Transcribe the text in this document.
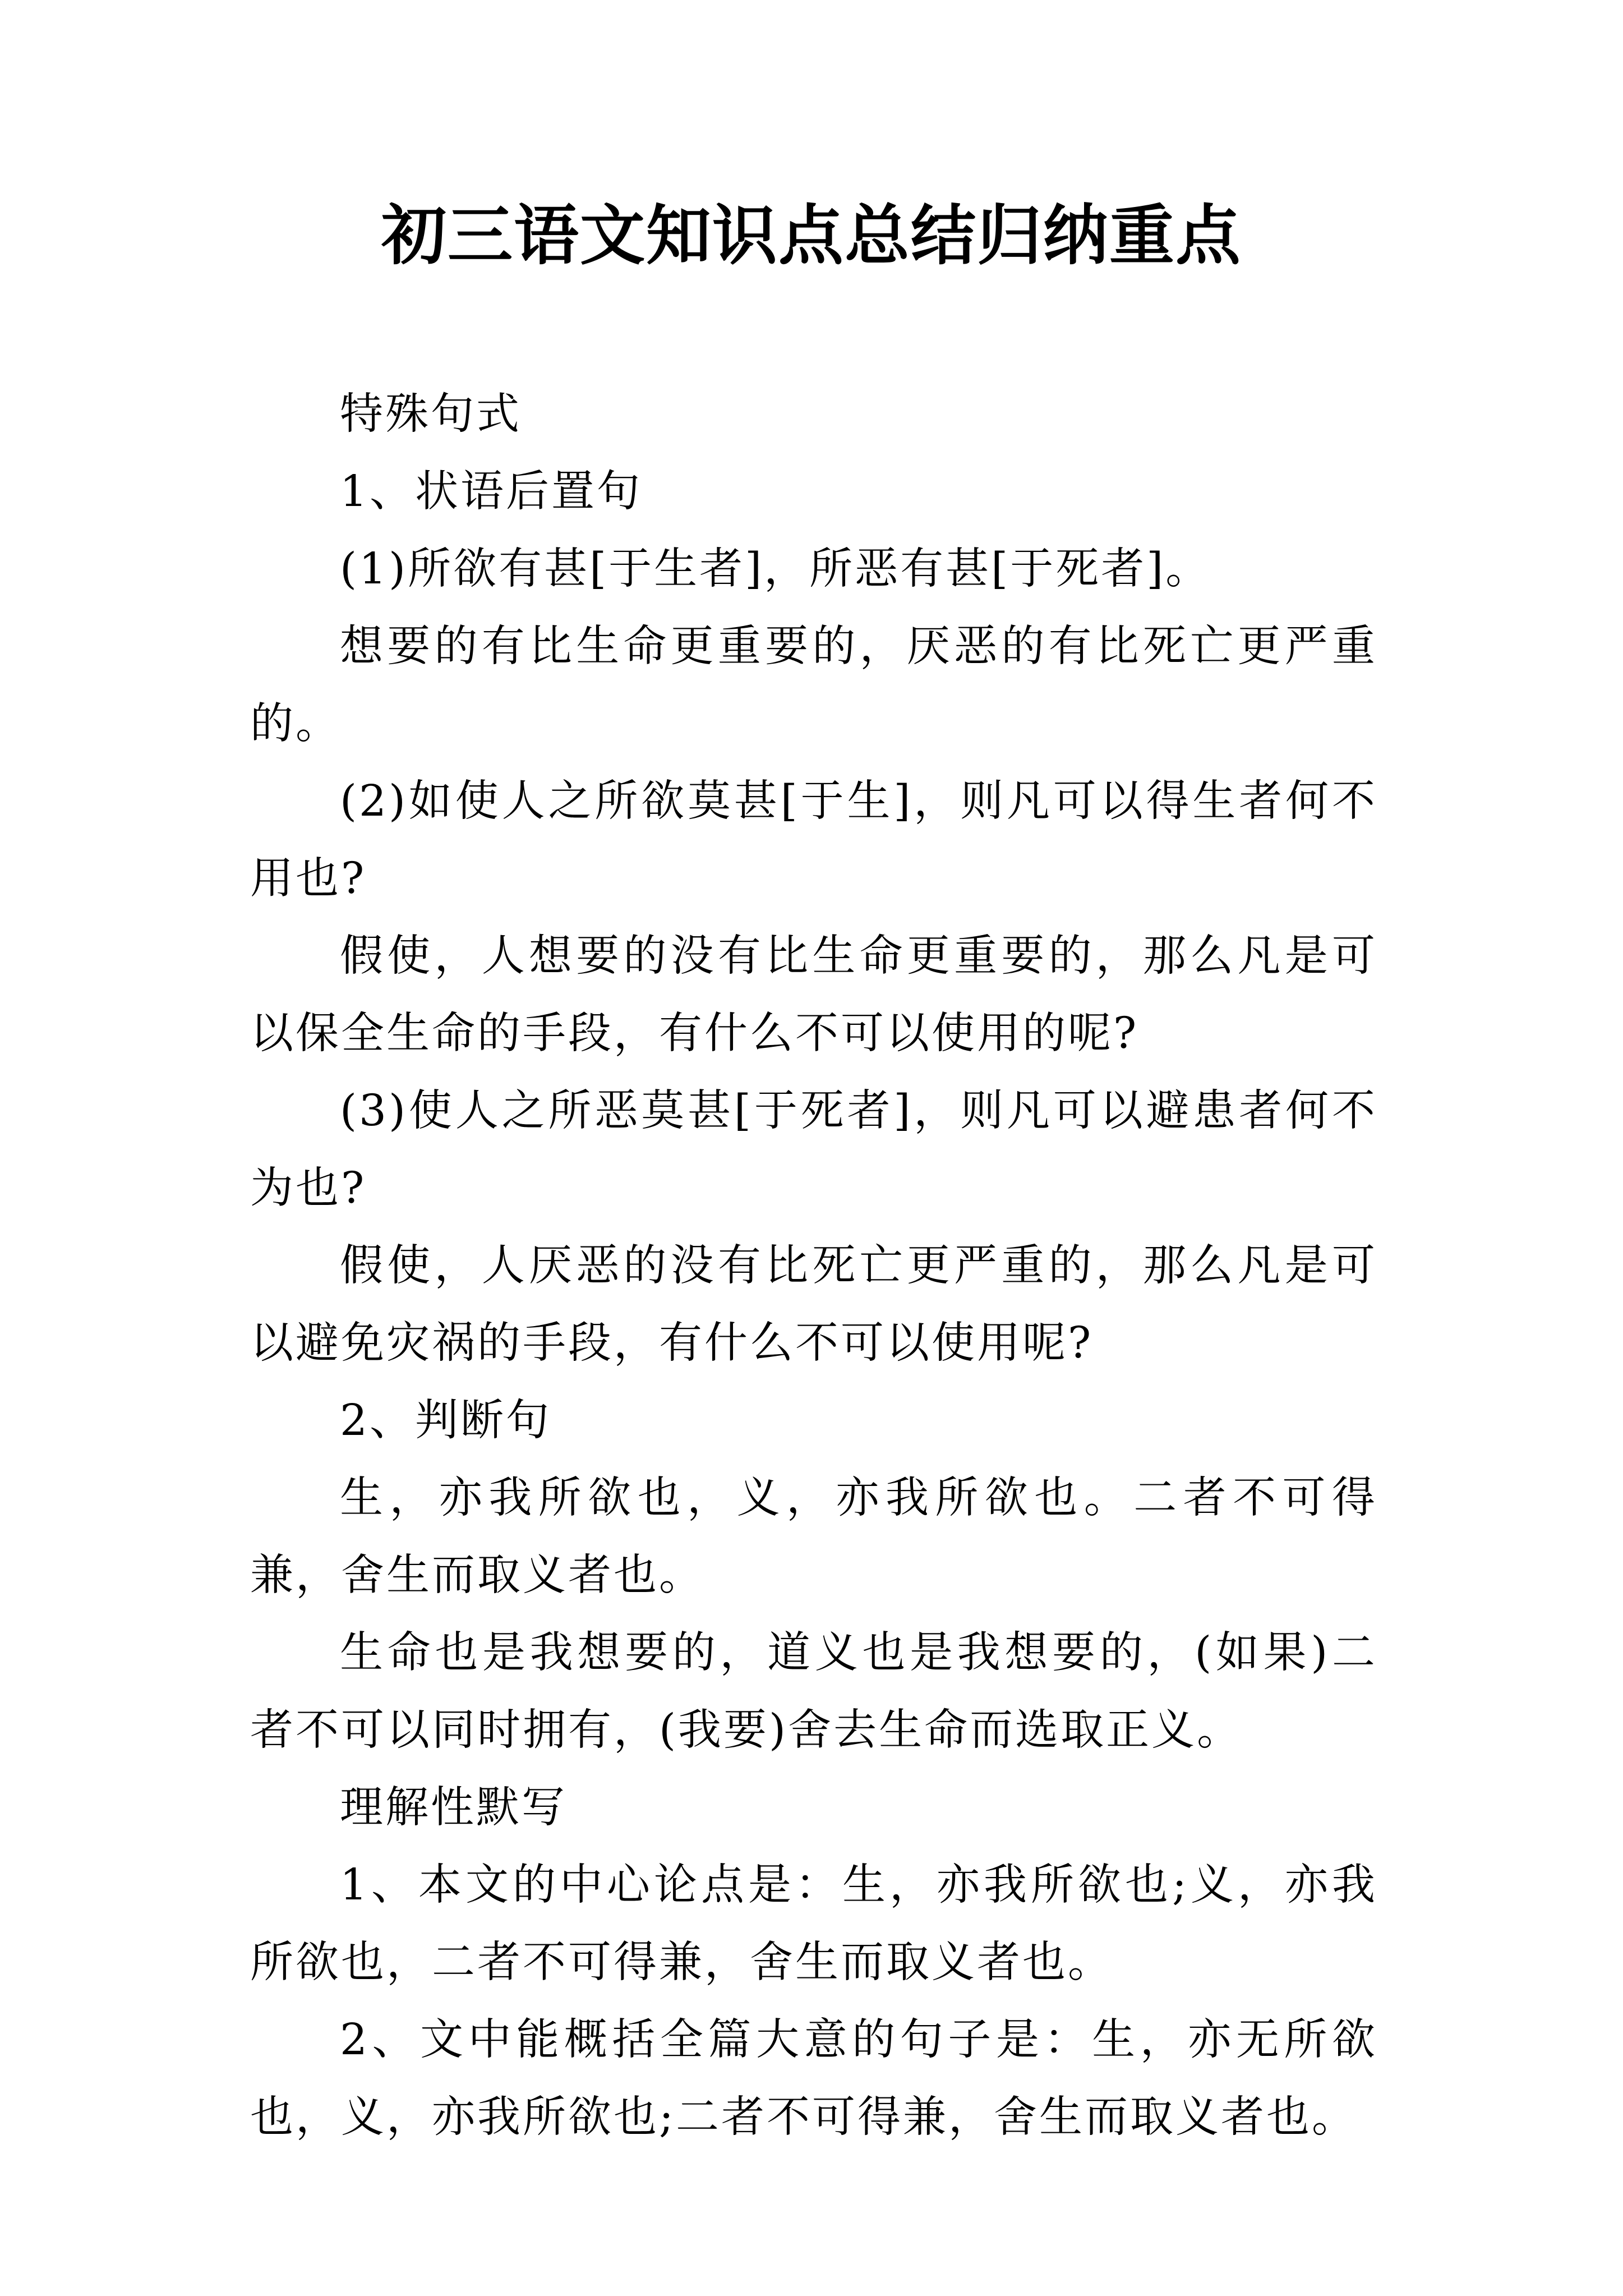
初三语文知识点总结归纳重点

特殊句式

1、状语后置句

(1)所欲有甚[于生者]，所恶有甚[于死者]。

想要的有比生命更重要的，厌恶的有比死亡更严重的。

(2)如使人之所欲莫甚[于生]，则凡可以得生者何不用也?

假使，人想要的没有比生命更重要的，那么凡是可以保全生命的手段，有什么不可以使用的呢?

(3)使人之所恶莫甚[于死者]，则凡可以避患者何不为也?

假使，人厌恶的没有比死亡更严重的，那么凡是可以避免灾祸的手段，有什么不可以使用呢?

2、判断句

生，亦我所欲也，义，亦我所欲也。二者不可得兼，舍生而取义者也。

生命也是我想要的，道义也是我想要的，(如果)二者不可以同时拥有，(我要)舍去生命而选取正义。

理解性默写

1、本文的中心论点是：生，亦我所欲也;义，亦我所欲也，二者不可得兼，舍生而取义者也。

2、文中能概括全篇大意的句子是：生，亦无所欲也，义，亦我所欲也;二者不可得兼，舍生而取义者也。
